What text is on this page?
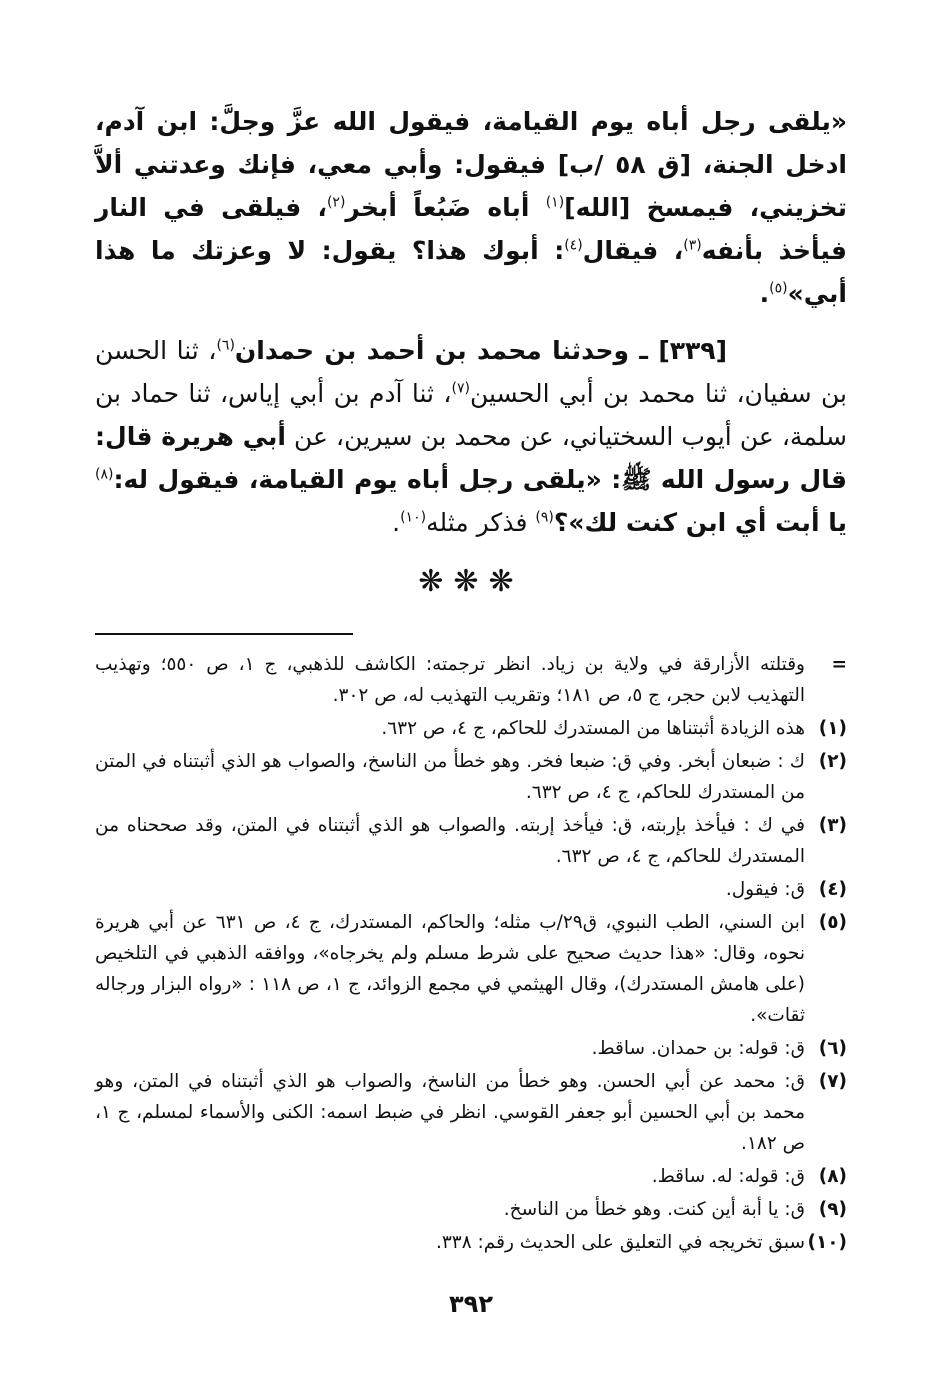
«يلقى رجل أباه يوم القيامة، فيقول الله عزَّ وجلَّ: ابن آدم، ادخل الجنة، [ق ٥٨ /ب] فيقول: وأبي معي، فإنك وعدتني ألاَّ تخزيني، فيمسخ [الله]$^{(١)}$ أباه ضَبُعاً أبخر$^{(٢)}$، فيلقى في النار فيأخذ بأنفه$^{(٣)}$، فيقال$^{(٤)}$: أبوك هذا؟ يقول: لا وعزتك ما هذا أبي»$^{(٥)}$.

[٣٣٩] ـ وحدثنا محمد بن أحمد بن حمدان$^{(٦)}$، ثنا الحسن بن سفيان، ثنا محمد بن أبي الحسين$^{(٧)}$، ثنا آدم بن أبي إياس، ثنا حماد بن سلمة، عن أيوب السختياني، عن محمد بن سيرين، عن أبي هريرة قال: قال رسول الله ﷺ: «يلقى رجل أباه يوم القيامة، فيقول له:$^{(٨)}$ يا أبت أي ابن كنت لك»؟$^{(٩)}$ فذكر مثله$^{(١٠)}$.

❋❋❋
=
وقتلته الأزارقة في ولاية بن زياد. انظر ترجمته: الكاشف للذهبي، ج ١، ص ٥٥٠؛ وتهذيب التهذيب لابن حجر، ج ٥، ص ١٨١؛ وتقريب التهذيب له، ص ٣٠٢.
(١)
هذه الزيادة أثبتناها من المستدرك للحاكم، ج ٤، ص ٦٣٢.
(٢)
ك : ضبعان أبخر. وفي ق: ضبعا فخر. وهو خطأ من الناسخ، والصواب هو الذي أثبتناه في المتن من المستدرك للحاكم، ج ٤، ص ٦٣٢.
(٣)
في ك : فيأخذ بإربته، ق: فيأخذ إربته. والصواب هو الذي أثبتناه في المتن، وقد صححناه من المستدرك للحاكم، ج ٤، ص ٦٣٢.
(٤)
ق: فيقول.
(٥)
ابن السني، الطب النبوي، ق٢٩/ب مثله؛ والحاكم، المستدرك، ج ٤، ص ٦٣١ عن أبي هريرة نحوه، وقال: «هذا حديث صحيح على شرط مسلم ولم يخرجاه»، ووافقه الذهبي في التلخيص (على هامش المستدرك)، وقال الهيثمي في مجمع الزوائد، ج ١، ص ١١٨ : «رواه البزار ورجاله ثقات».
(٦)
ق: قوله: بن حمدان. ساقط.
(٧)
ق: محمد عن أبي الحسن. وهو خطأ من الناسخ، والصواب هو الذي أثبتناه في المتن، وهو محمد بن أبي الحسين أبو جعفر القوسي. انظر في ضبط اسمه: الكنى والأسماء لمسلم، ج ١، ص ١٨٢.
(٨)
ق: قوله: له. ساقط.
(٩)
ق: يا أبة أين كنت. وهو خطأ من الناسخ.
(١٠)
سبق تخريجه في التعليق على الحديث رقم: ٣٣٨.
٣٩٢
